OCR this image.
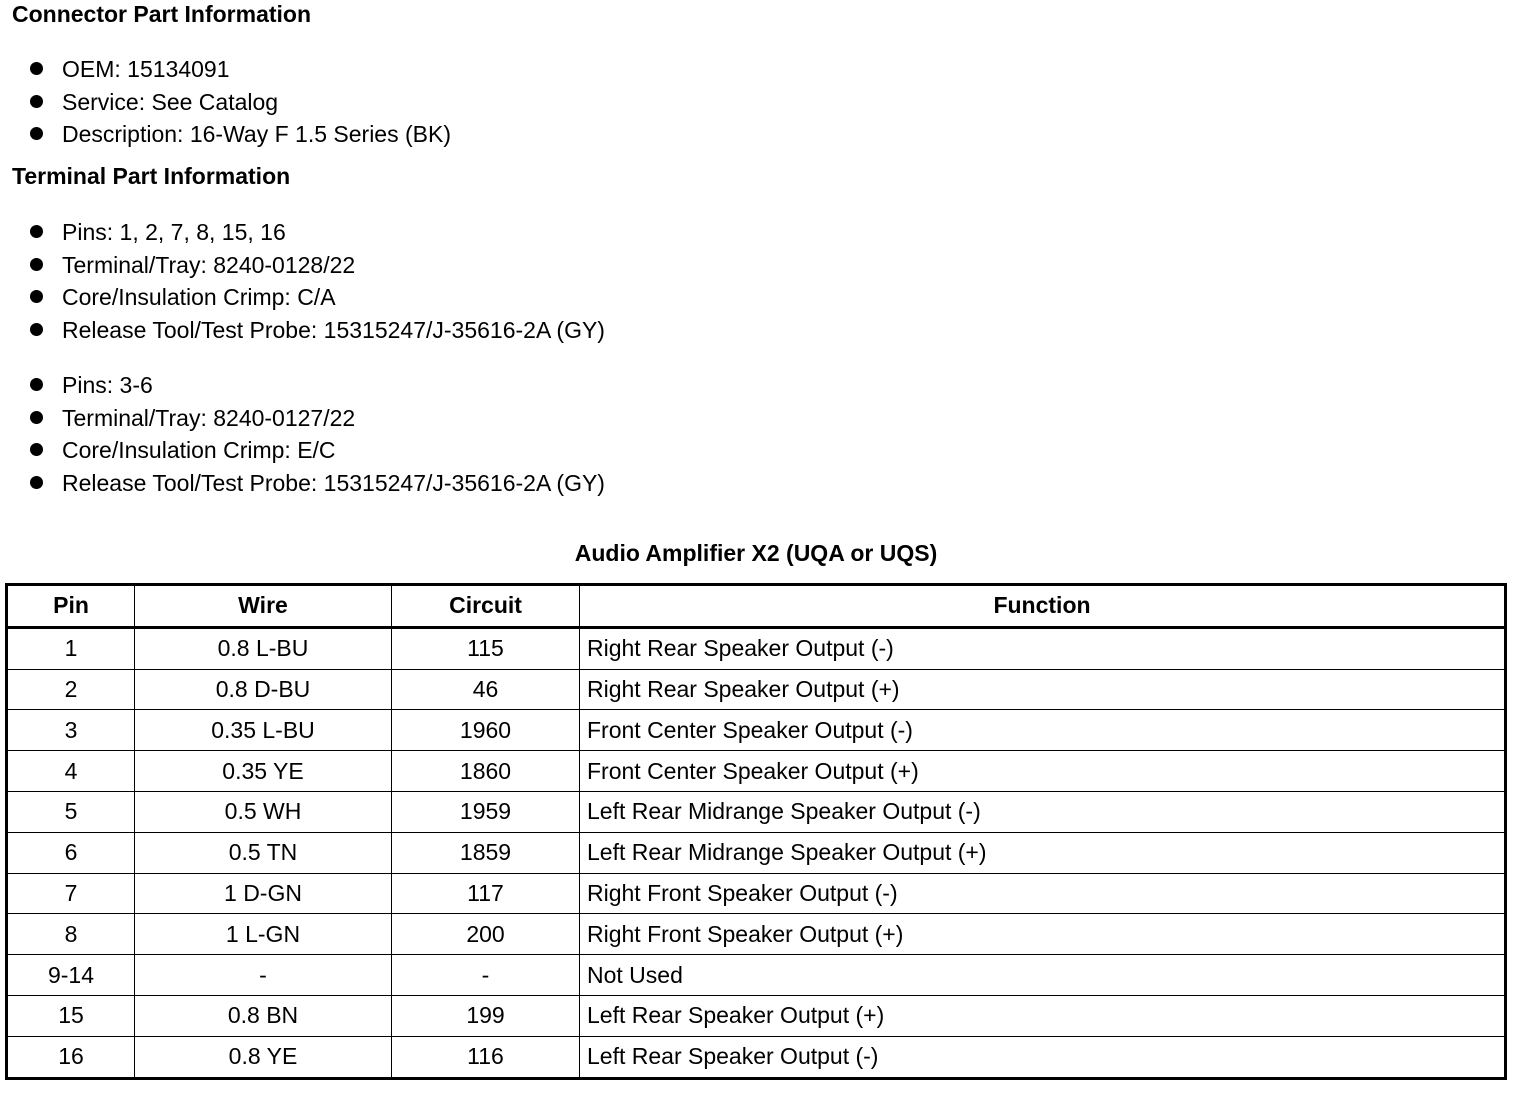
Connector Part Information
OEM: 15134091
Service: See Catalog
Description: 16-Way F 1.5 Series (BK)
Terminal Part Information
Pins: 1, 2, 7, 8, 15, 16
Terminal/Tray: 8240-0128/22
Core/Insulation Crimp: C/A
Release Tool/Test Probe: 15315247/J-35616-2A (GY)
Pins: 3-6
Terminal/Tray: 8240-0127/22
Core/Insulation Crimp: E/C
Release Tool/Test Probe: 15315247/J-35616-2A (GY)
Audio Amplifier X2 (UQA or UQS)
Pin	Wire	Circuit	Function
1	0.8 L-BU	115	Right Rear Speaker Output (-)
2	0.8 D-BU	46	Right Rear Speaker Output (+)
3	0.35 L-BU	1960	Front Center Speaker Output (-)
4	0.35 YE	1860	Front Center Speaker Output (+)
5	0.5 WH	1959	Left Rear Midrange Speaker Output (-)
6	0.5 TN	1859	Left Rear Midrange Speaker Output (+)
7	1 D-GN	117	Right Front Speaker Output (-)
8	1 L-GN	200	Right Front Speaker Output (+)
9-14	-	-	Not Used
15	0.8 BN	199	Left Rear Speaker Output (+)
16	0.8 YE	116	Left Rear Speaker Output (-)
